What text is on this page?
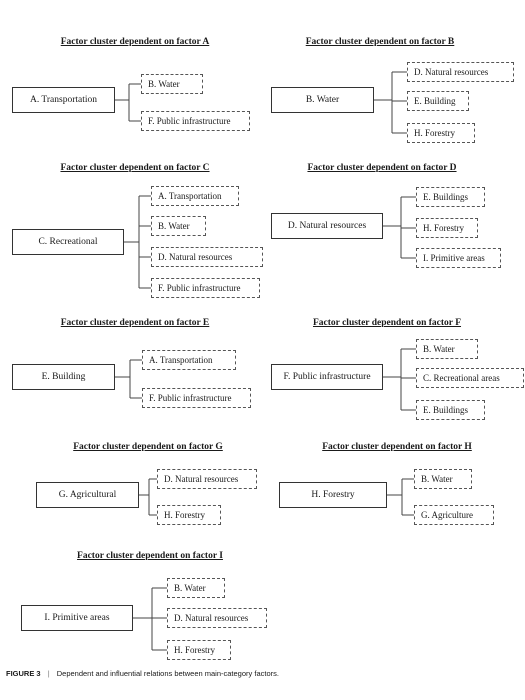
Factor cluster dependent on factor A
A. Transportation
B. Water
F. Public infrastructure
Factor cluster dependent on factor B
B. Water
D. Natural resources
E. Building
H. Forestry
Factor cluster dependent on factor C
C. Recreational
A. Transportation
B. Water
D. Natural resources
F. Public infrastructure
Factor cluster dependent on factor D
D. Natural resources
E. Buildings
H. Forestry
I. Primitive areas
Factor cluster dependent on factor E
E. Building
A. Transportation
F. Public infrastructure
Factor cluster dependent on factor F
F. Public infrastructure
B. Water
C. Recreational areas
E. Buildings
Factor cluster dependent on factor G
G. Agricultural
D. Natural resources
H. Forestry
Factor cluster dependent on factor H
H. Forestry
B. Water
G. Agriculture
Factor cluster dependent on factor I
I. Primitive areas
B. Water
D. Natural resources
H. Forestry
FIGURE 3 | Dependent and influential relations between main-category factors.
